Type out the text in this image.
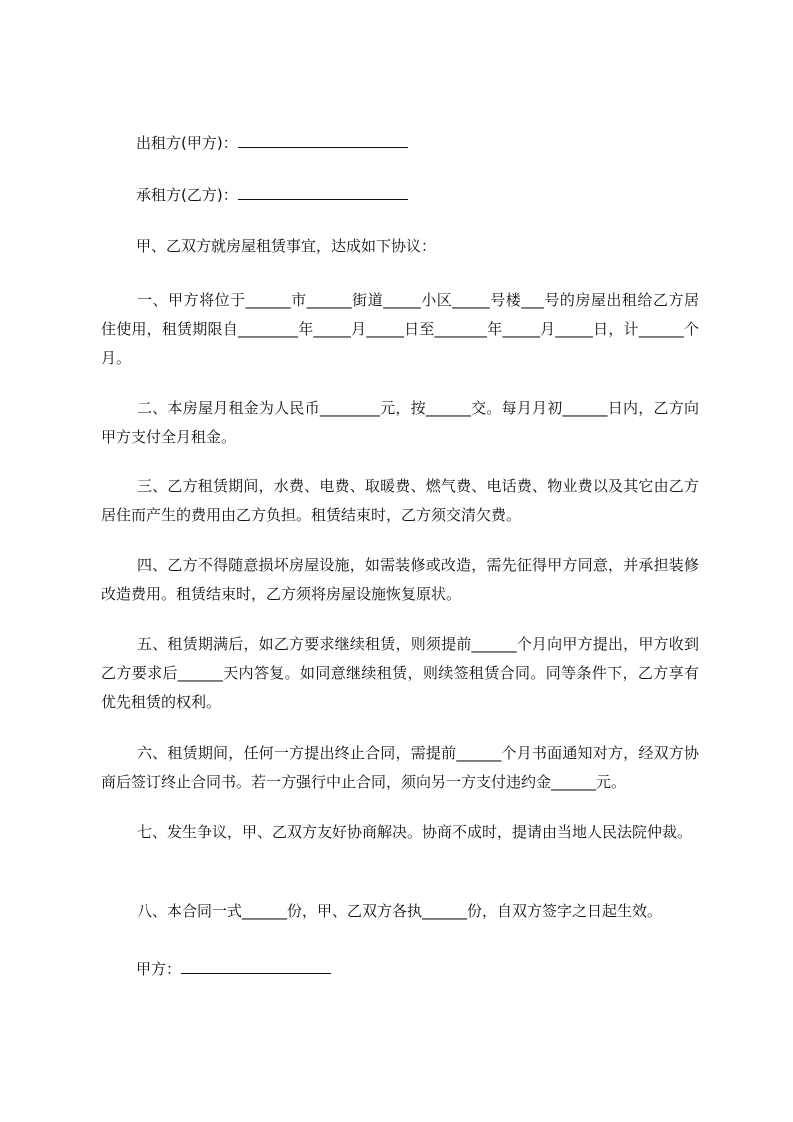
出租方(甲方)：
承租方(乙方)：
甲、乙双方就房屋租赁事宜，达成如下协议：
一、甲方将位于______市______街道_____小区_____号楼___号的房屋出租给乙方居住使用，租赁期限自________年_____月_____日至_______年_____月_____日，计______个月。
二、本房屋月租金为人民币________元，按______交。每月月初______日内，乙方向甲方支付全月租金。
三、乙方租赁期间，水费、电费、取暖费、燃气费、电话费、物业费以及其它由乙方居住而产生的费用由乙方负担。租赁结束时，乙方须交清欠费。
四、乙方不得随意损坏房屋设施，如需装修或改造，需先征得甲方同意，并承担装修改造费用。租赁结束时，乙方须将房屋设施恢复原状。
五、租赁期满后，如乙方要求继续租赁，则须提前______个月向甲方提出，甲方收到乙方要求后______天内答复。如同意继续租赁，则续签租赁合同。同等条件下，乙方享有优先租赁的权利。
六、租赁期间，任何一方提出终止合同，需提前______个月书面通知对方，经双方协商后签订终止合同书。若一方强行中止合同，须向另一方支付违约金______元。
七、发生争议，甲、乙双方友好协商解决。协商不成时，提请由当地人民法院仲裁。
八、本合同一式______份，甲、乙双方各执______份，自双方签字之日起生效。
甲方：
